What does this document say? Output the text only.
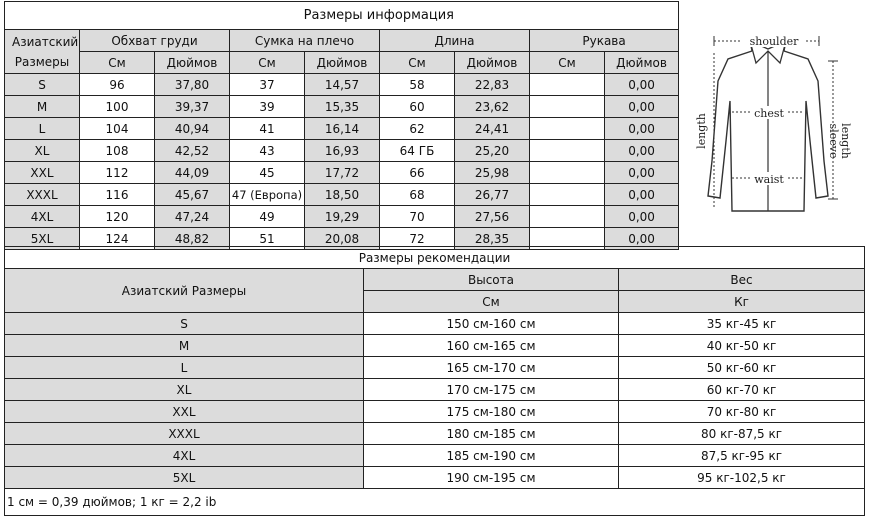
	Размеры информация							

Азиатский Размеры	Обхват груди		Сумка на плечо		Длина		Рукава	
	См	Дюймов	См	Дюймов	См	Дюймов	См	Дюймов
S	96	37,80	37	14,57	58	22,83		0,00
M	100	39,37	39	15,35	60	23,62		0,00
L	104	40,94	41	16,14	62	24,41		0,00
XL	108	42,52	43	16,93	64 ГБ	25,20		0,00
XXL	112	44,09	45	17,72	66	25,98		0,00
XXXL	116	45,67	47 (Европа)	18,50	68	26,77		0,00
4XL	120	47,24	49	19,29	70	27,56		0,00
5XL	124	48,82	51	20,08	72	28,35		0,00
shoulder
chest
waist
length	sleeve length
Размеры рекомендации		
Азиатский Размеры	Высота	Вес
	См	Кг
S	150 см-160 см	35 кг-45 кг
M	160 см-165 см	40 кг-50 кг
L	165 см-170 см	50 кг-60 кг
XL	170 см-175 см	60 кг-70 кг
XXL	175 см-180 см	70 кг-80 кг
XXXL	180 см-185 см	80 кг-87,5 кг
4XL	185 см-190 см	87,5 кг-95 кг
5XL	190 см-195 см	95 кг-102,5 кг
1 см = 0,39 дюймов; 1 кг = 2,2 ib		
